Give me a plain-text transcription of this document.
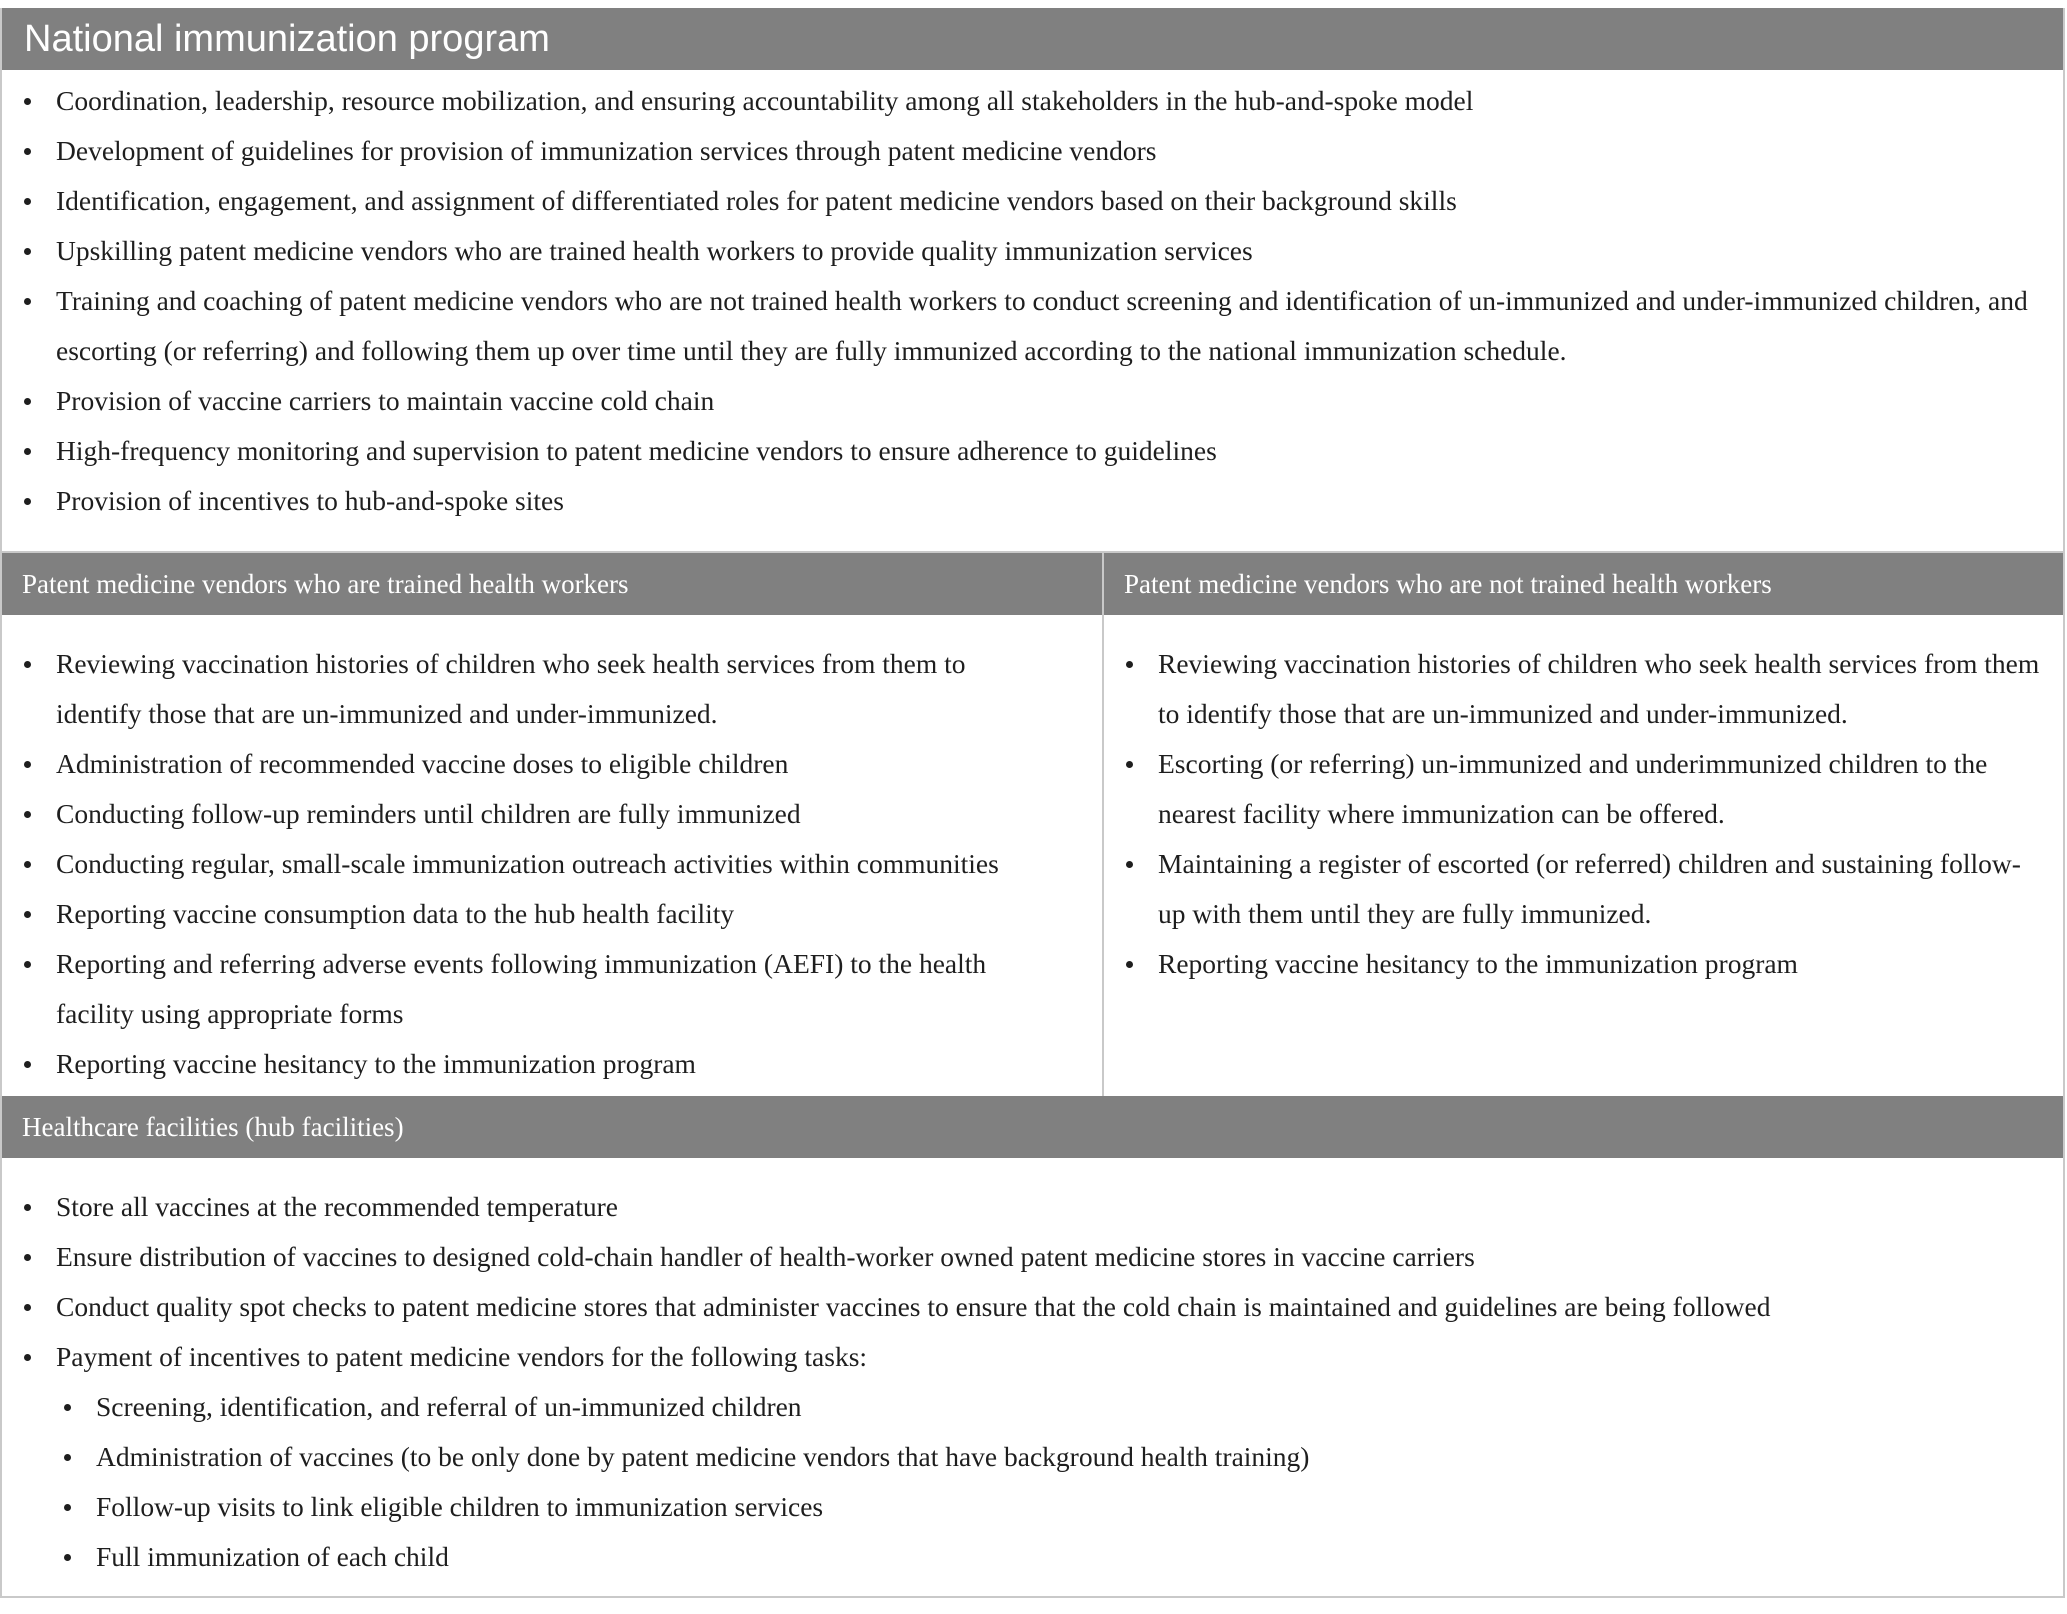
National immunization program
Coordination, leadership, resource mobilization, and ensuring accountability among all stakeholders in the hub-and-spoke model
Development of guidelines for provision of immunization services through patent medicine vendors
Identification, engagement, and assignment of differentiated roles for patent medicine vendors based on their background skills
Upskilling patent medicine vendors who are trained health workers to provide quality immunization services
Training and coaching of patent medicine vendors who are not trained health workers to conduct screening and identification of un-immunized and under-immunized children, and escorting (or referring) and following them up over time until they are fully immunized according to the national immunization schedule.
Provision of vaccine carriers to maintain vaccine cold chain
High-frequency monitoring and supervision to patent medicine vendors to ensure adherence to guidelines
Provision of incentives to hub-and-spoke sites
Patent medicine vendors who are trained health workers
Reviewing vaccination histories of children who seek health services from them to identify those that are un-immunized and under-immunized.
Administration of recommended vaccine doses to eligible children
Conducting follow-up reminders until children are fully immunized
Conducting regular, small-scale immunization outreach activities within communities
Reporting vaccine consumption data to the hub health facility
Reporting and referring adverse events following immunization (AEFI) to the health facility using appropriate forms
Reporting vaccine hesitancy to the immunization program
Patent medicine vendors who are not trained health workers
Reviewing vaccination histories of children who seek health services from them to identify those that are un-immunized and under-immunized.
Escorting (or referring) un-immunized and underimmunized children to the nearest facility where immunization can be offered.
Maintaining a register of escorted (or referred) children and sustaining follow-up with them until they are fully immunized.
Reporting vaccine hesitancy to the immunization program
Healthcare facilities (hub facilities)
Store all vaccines at the recommended temperature
Ensure distribution of vaccines to designed cold-chain handler of health-worker owned patent medicine stores in vaccine carriers
Conduct quality spot checks to patent medicine stores that administer vaccines to ensure that the cold chain is maintained and guidelines are being followed
Payment of incentives to patent medicine vendors for the following tasks:
Screening, identification, and referral of un-immunized children
Administration of vaccines (to be only done by patent medicine vendors that have background health training)
Follow-up visits to link eligible children to immunization services
Full immunization of each child
